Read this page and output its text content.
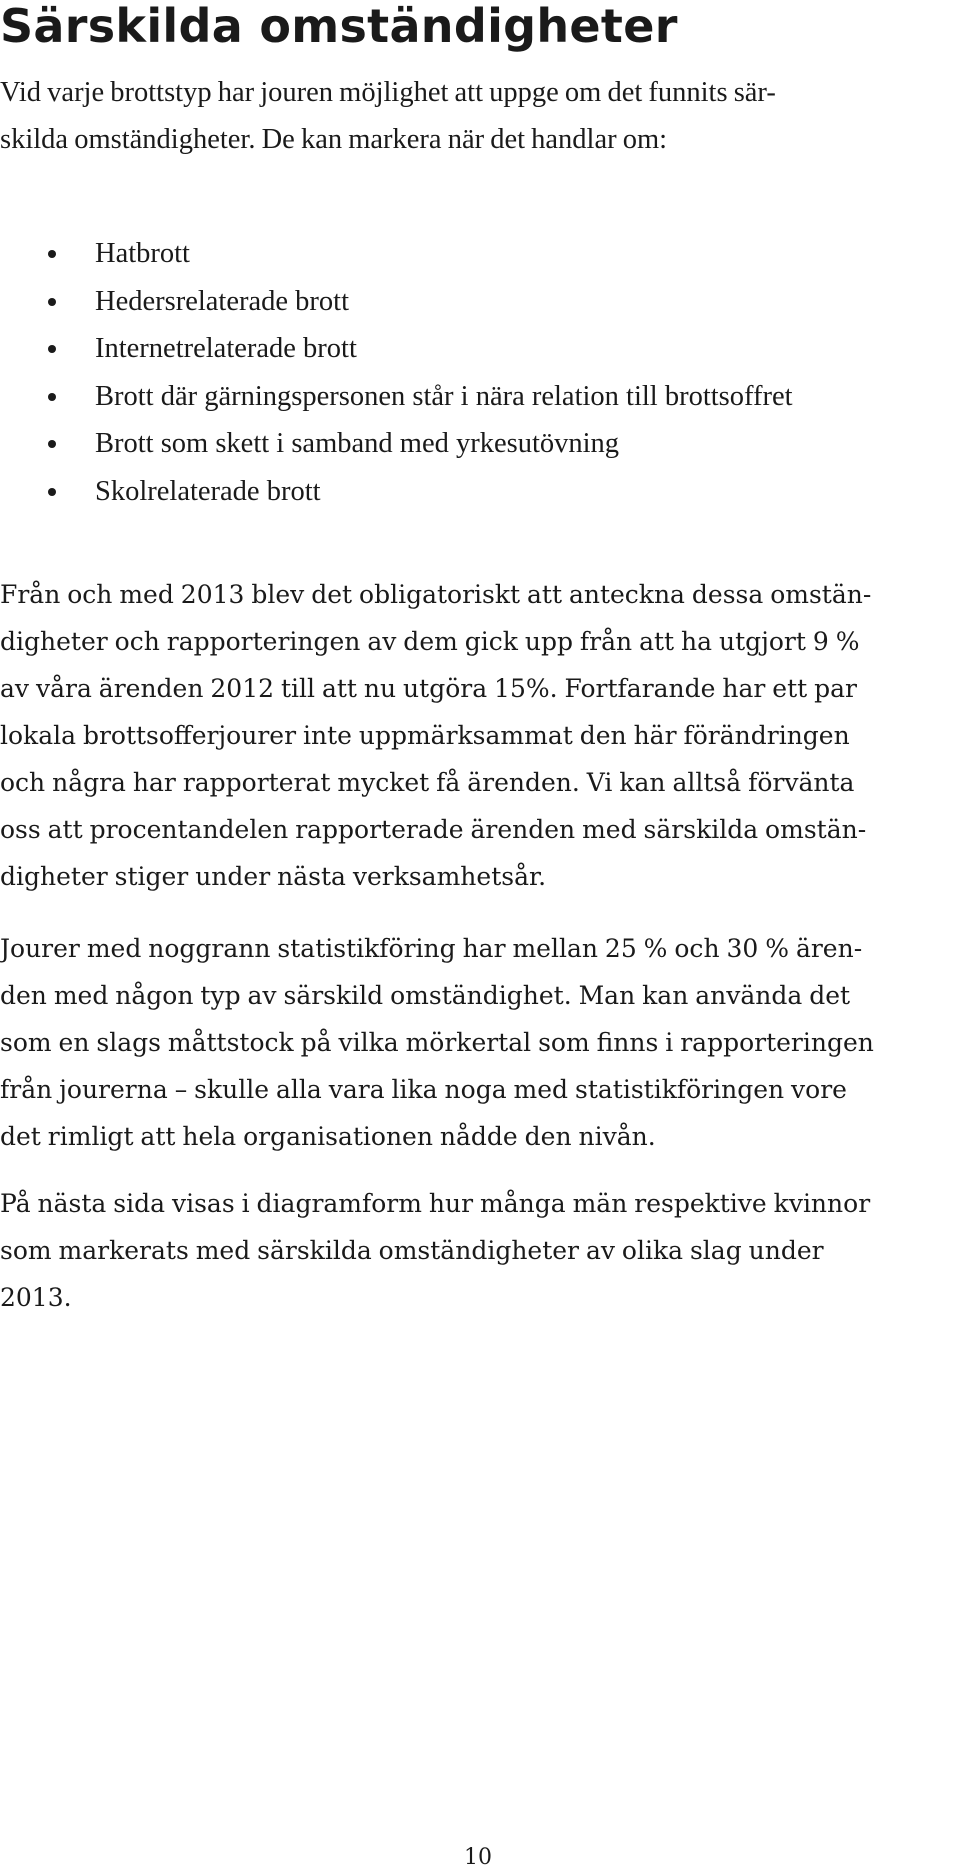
Särskilda omständigheter

Vid varje brottstyp har jouren möjlighet att uppge om det funnits sär-
skilda omständigheter. De kan markera när det handlar om:

Hatbrott
Hedersrelaterade brott
Internetrelaterade brott
Brott där gärningspersonen står i nära relation till brottsoffret
Brott som skett i samband med yrkesutövning
Skolrelaterade brott

Från och med 2013 blev det obligatoriskt att anteckna dessa omstän-
digheter och rapporteringen av dem gick upp från att ha utgjort 9 %
av våra ärenden 2012 till att nu utgöra 15%. Fortfarande har ett par
lokala brottsofferjourer inte uppmärksammat den här förändringen
och några har rapporterat mycket få ärenden. Vi kan alltså förvänta
oss att procentandelen rapporterade ärenden med särskilda omstän-
digheter stiger under nästa verksamhetsår.

Jourer med noggrann statistikföring har mellan 25 % och 30 % ären-
den med någon typ av särskild omständighet. Man kan använda det
som en slags måttstock på vilka mörkertal som finns i rapporteringen
från jourerna – skulle alla vara lika noga med statistikföringen vore
det rimligt att hela organisationen nådde den nivån.

På nästa sida visas i diagramform hur många män respektive kvinnor
som markerats med särskilda omständigheter av olika slag under
2013.

10
